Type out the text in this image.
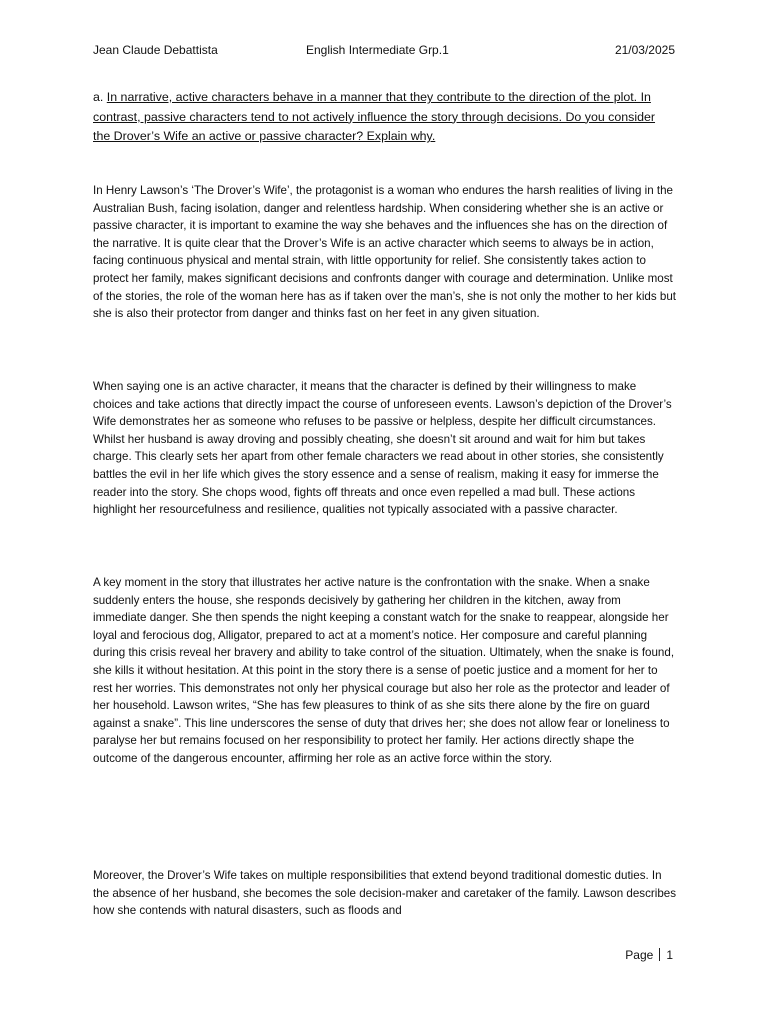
Jean Claude Debattista	English Intermediate Grp.1	21/03/2025
a. In narrative, active characters behave in a manner that they contribute to the direction of the plot. In contrast, passive characters tend to not actively influence the story through decisions. Do you consider the Drover’s Wife an active or passive character? Explain why.

In Henry Lawson’s ‘The Drover’s Wife’, the protagonist is a woman who endures the harsh realities of living in the Australian Bush, facing isolation, danger and relentless hardship. When considering whether she is an active or passive character, it is important to examine the way she behaves and the influences she has on the direction of the narrative. It is quite clear that the Drover’s Wife is an active character which seems to always be in action, facing continuous physical and mental strain, with little opportunity for relief. She consistently takes action to protect her family, makes significant decisions and confronts danger with courage and determination. Unlike most of the stories, the role of the woman here has as if taken over the man’s, she is not only the mother to her kids but she is also their protector from danger and thinks fast on her feet in any given situation.

When saying one is an active character, it means that the character is defined by their willingness to make choices and take actions that directly impact the course of unforeseen events. Lawson’s depiction of the Drover’s Wife demonstrates her as someone who refuses to be passive or helpless, despite her difficult circumstances. Whilst her husband is away droving and possibly cheating, she doesn’t sit around and wait for him but takes charge. This clearly sets her apart from other female characters we read about in other stories, she consistently battles the evil in her life which gives the story essence and a sense of realism, making it easy for immerse the reader into the story. She chops wood, fights off threats and once even repelled a mad bull. These actions highlight her resourcefulness and resilience, qualities not typically associated with a passive character.

A key moment in the story that illustrates her active nature is the confrontation with the snake. When a snake suddenly enters the house, she responds decisively by gathering her children in the kitchen, away from immediate danger. She then spends the night keeping a constant watch for the snake to reappear, alongside her loyal and ferocious dog, Alligator, prepared to act at a moment’s notice. Her composure and careful planning during this crisis reveal her bravery and ability to take control of the situation. Ultimately, when the snake is found, she kills it without hesitation. At this point in the story there is a sense of poetic justice and a moment for her to rest her worries. This demonstrates not only her physical courage but also her role as the protector and leader of her household. Lawson writes, “She has few pleasures to think of as she sits there alone by the fire on guard against a snake”. This line underscores the sense of duty that drives her; she does not allow fear or loneliness to paralyse her but remains focused on her responsibility to protect her family. Her actions directly shape the outcome of the dangerous encounter, affirming her role as an active force within the story.

Moreover, the Drover’s Wife takes on multiple responsibilities that extend beyond traditional domestic duties. In the absence of her husband, she becomes the sole decision-maker and caretaker of the family. Lawson describes how she contends with natural disasters, such as floods and

Page 1
